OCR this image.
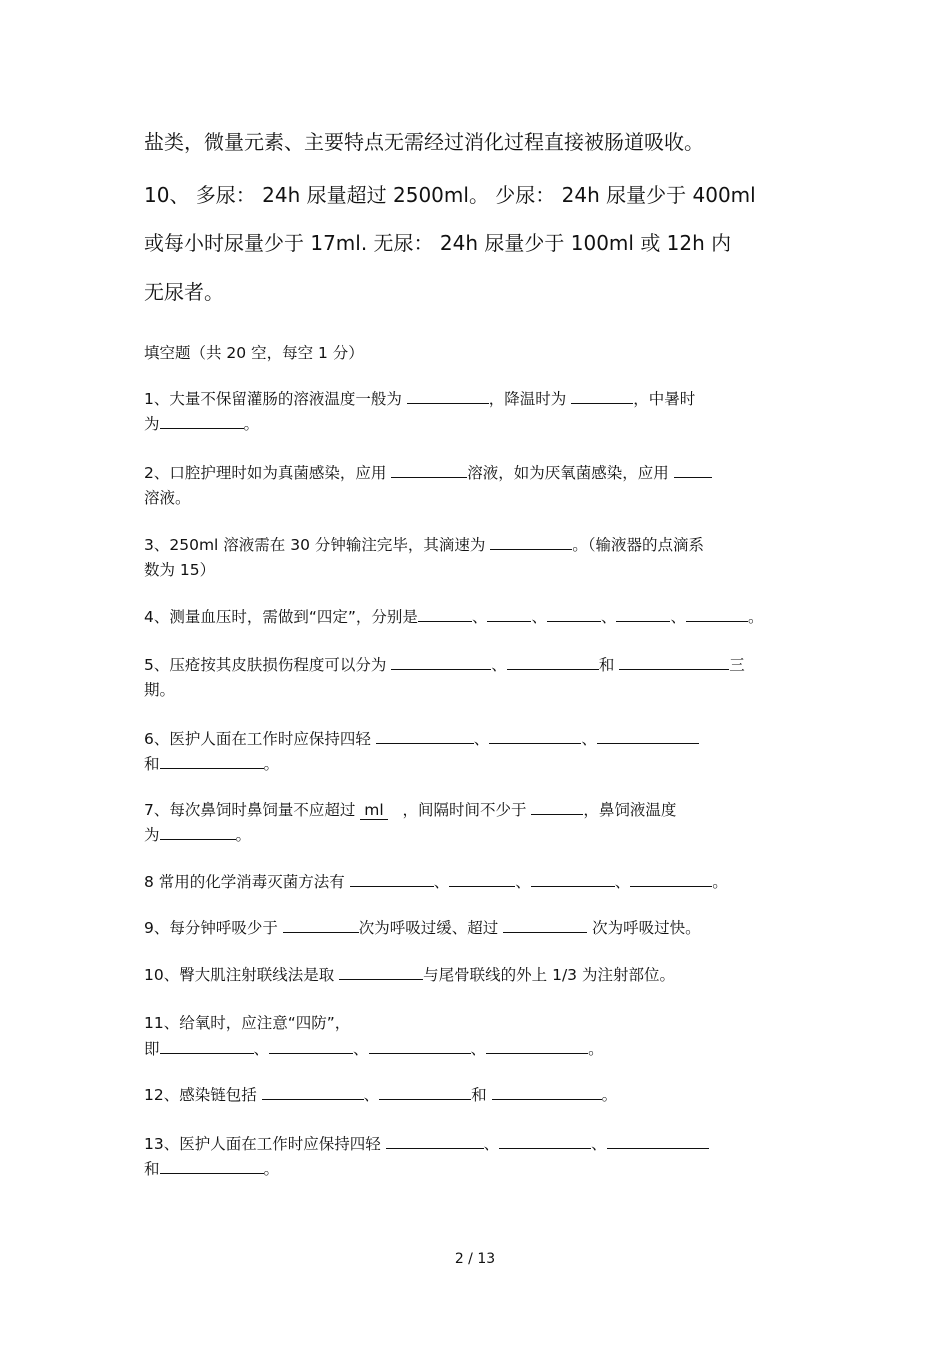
盐类，微量元素、主要特点无需经过消化过程直接被肠道吸收。
10、 多尿： 24h 尿量超过 2500ml。 少尿： 24h 尿量少于 400ml
或每小时尿量少于 17ml. 无尿： 24h 尿量少于 100ml 或 12h 内
无尿者。
填空题（共 20 空，每空 1 分）
1、大量不保留灌肠的溶液温度一般为	，降温时为	，中暑时
为	。
2、口腔护理时如为真菌感染，应用	溶液，如为厌氧菌感染，应用
溶液。
3、250ml 溶液需在 30 分钟输注完毕，其滴速为	。（输液器的点滴系
数为 15）
4、测量血压时，需做到“四定”，分别是	、	、	、	、	。
5、压疮按其皮肤损伤程度可以分为	、	和	三
期。
6、医护人面在工作时应保持四轻	、	、
和	。
7、每次鼻饲时鼻饲量不应超过 ml ，间隔时间不少于	，鼻饲液温度
为	。
8 常用的化学消毒灭菌方法有	、	、	、	。
9、每分钟呼吸少于	次为呼吸过缓、超过	次为呼吸过快。
10、臀大肌注射联线法是取	与尾骨联线的外上 1/3 为注射部位。
11、给氧时，应注意“四防”，
即	、	、	、	。
12、感染链包括	、	和	。
13、医护人面在工作时应保持四轻	、	、
和	。
2 / 13
